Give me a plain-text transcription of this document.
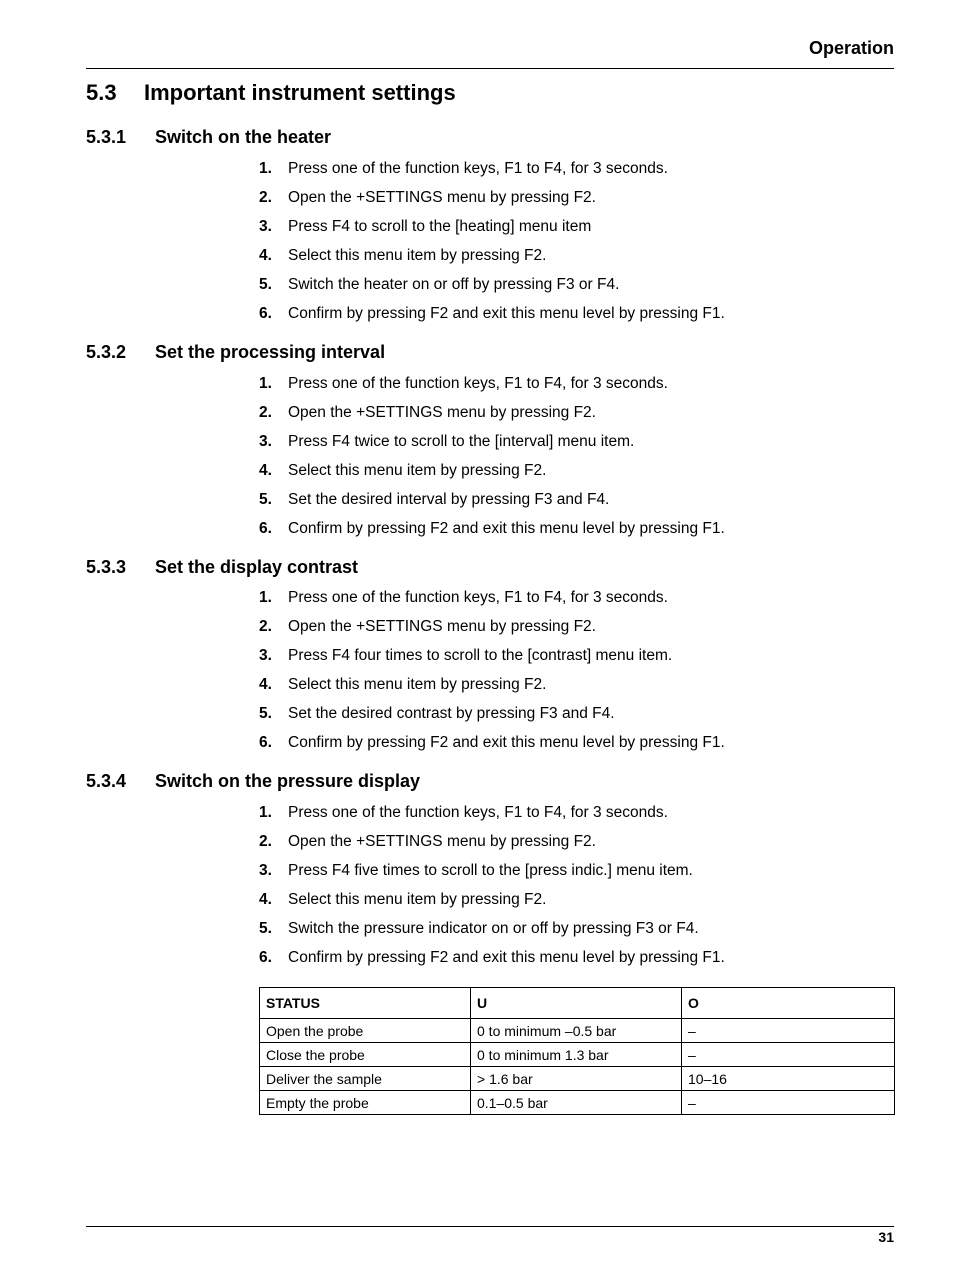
Operation
5.3 Important instrument settings
5.3.1 Switch on the heater
1. Press one of the function keys, F1 to F4, for 3 seconds.
2. Open the +SETTINGS menu by pressing F2.
3. Press F4 to scroll to the [heating] menu item
4. Select this menu item by pressing F2.
5. Switch the heater on or off by pressing F3 or F4.
6. Confirm by pressing F2 and exit this menu level by pressing F1.
5.3.2 Set the processing interval
1. Press one of the function keys, F1 to F4, for 3 seconds.
2. Open the +SETTINGS menu by pressing F2.
3. Press F4 twice to scroll to the [interval] menu item.
4. Select this menu item by pressing F2.
5. Set the desired interval by pressing F3 and F4.
6. Confirm by pressing F2 and exit this menu level by pressing F1.
5.3.3 Set the display contrast
1. Press one of the function keys, F1 to F4, for 3 seconds.
2. Open the +SETTINGS menu by pressing F2.
3. Press F4 four times to scroll to the [contrast] menu item.
4. Select this menu item by pressing F2.
5. Set the desired contrast by pressing F3 and F4.
6. Confirm by pressing F2 and exit this menu level by pressing F1.
5.3.4 Switch on the pressure display
1. Press one of the function keys, F1 to F4, for 3 seconds.
2. Open the +SETTINGS menu by pressing F2.
3. Press F4 five times to scroll to the [press indic.] menu item.
4. Select this menu item by pressing F2.
5. Switch the pressure indicator on or off by pressing F3 or F4.
6. Confirm by pressing F2 and exit this menu level by pressing F1.
STATUS	U	O
Open the probe	0 to minimum –0.5 bar	–
Close the probe	0 to minimum 1.3 bar	–
Deliver the sample	> 1.6 bar	10–16
Empty the probe	0.1–0.5 bar	–
31
